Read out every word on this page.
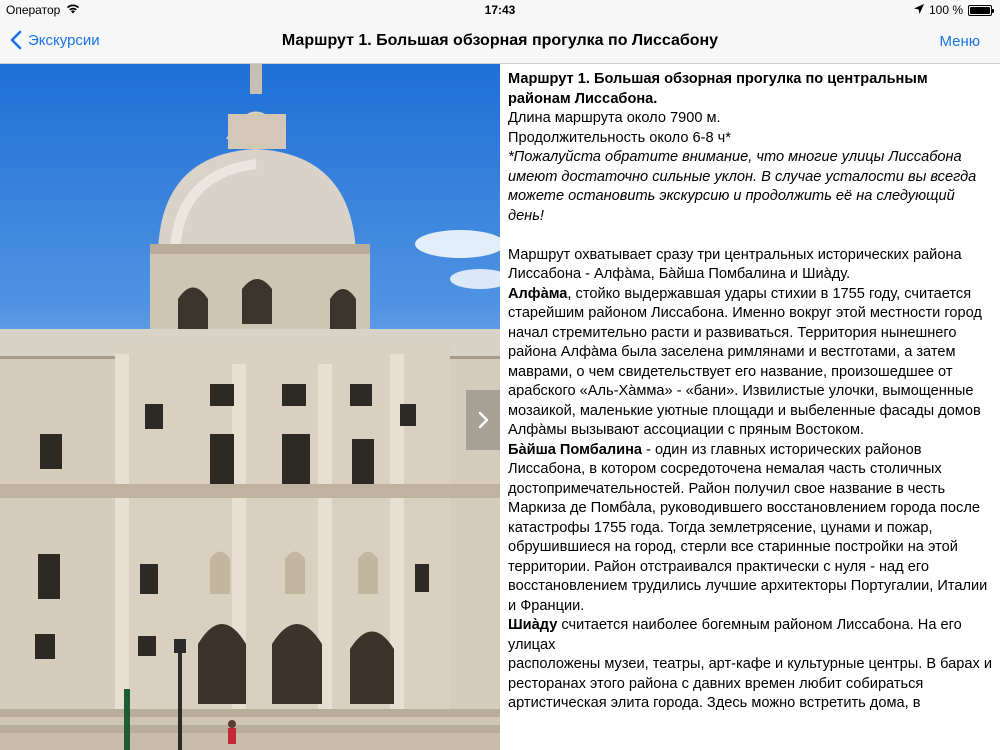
Оператор	17:43	100 %
Экскурсии	Маршрут 1. Большая обзорная прогулка по Лиссабону	Меню

Маршрут 1. Большая обзорная прогулка по центральным районам Лиссабона.

Длина маршрута около 7900 м.

Продолжительность около 6-8 ч*

*Пожалуйста обратите внимание, что многие улицы Лиссабона имеют достаточно сильные уклон. В случае усталости вы всегда можете остановить экскурсию и продолжить её на следующий день!

Маршрут охватывает сразу три центральных исторических района Лиссабона - Алфа̀ма, Ба̀йша Помбалина и Шиа̀ду.

Алфа̀ма, стойко выдержавшая удары стихии в 1755 году, считается старейшим районом Лиссабона. Именно вокруг этой местности город начал стремительно расти и развиваться. Территория нынешнего района Алфа̀ма была заселена римлянами и вестготами, а затем маврами, о чем свидетельствует его название, произошедшее от арабского «Аль-Ха̀мма» - «бани». Извилистые улочки, вымощенные мозаикой, маленькие уютные площади и выбеленные фасады домов Алфа̀мы вызывают ассоциации с пряным Востоком.

Ба̀йша Помбалина - один из главных исторических районов Лиссабона, в котором сосредоточена немалая часть столичных достопримечательностей. Район получил свое название в честь Маркиза де Помба̀ла, руководившего восстановлением города после катастрофы 1755 года. Тогда землетрясение, цунами и пожар, обрушившиеся на город, стерли все старинные постройки на этой территории. Район отстраивался практически с нуля - над его восстановлением трудились лучшие архитекторы Португалии, Италии и Франции.

Шиа̀ду считается наиболее богемным районом Лиссабона. На его улицах

расположены музеи, театры, арт-кафе и культурные центры. В барах и ресторанах этого района с давних времен любит собираться

артистическая элита города. Здесь можно встретить дома, в
